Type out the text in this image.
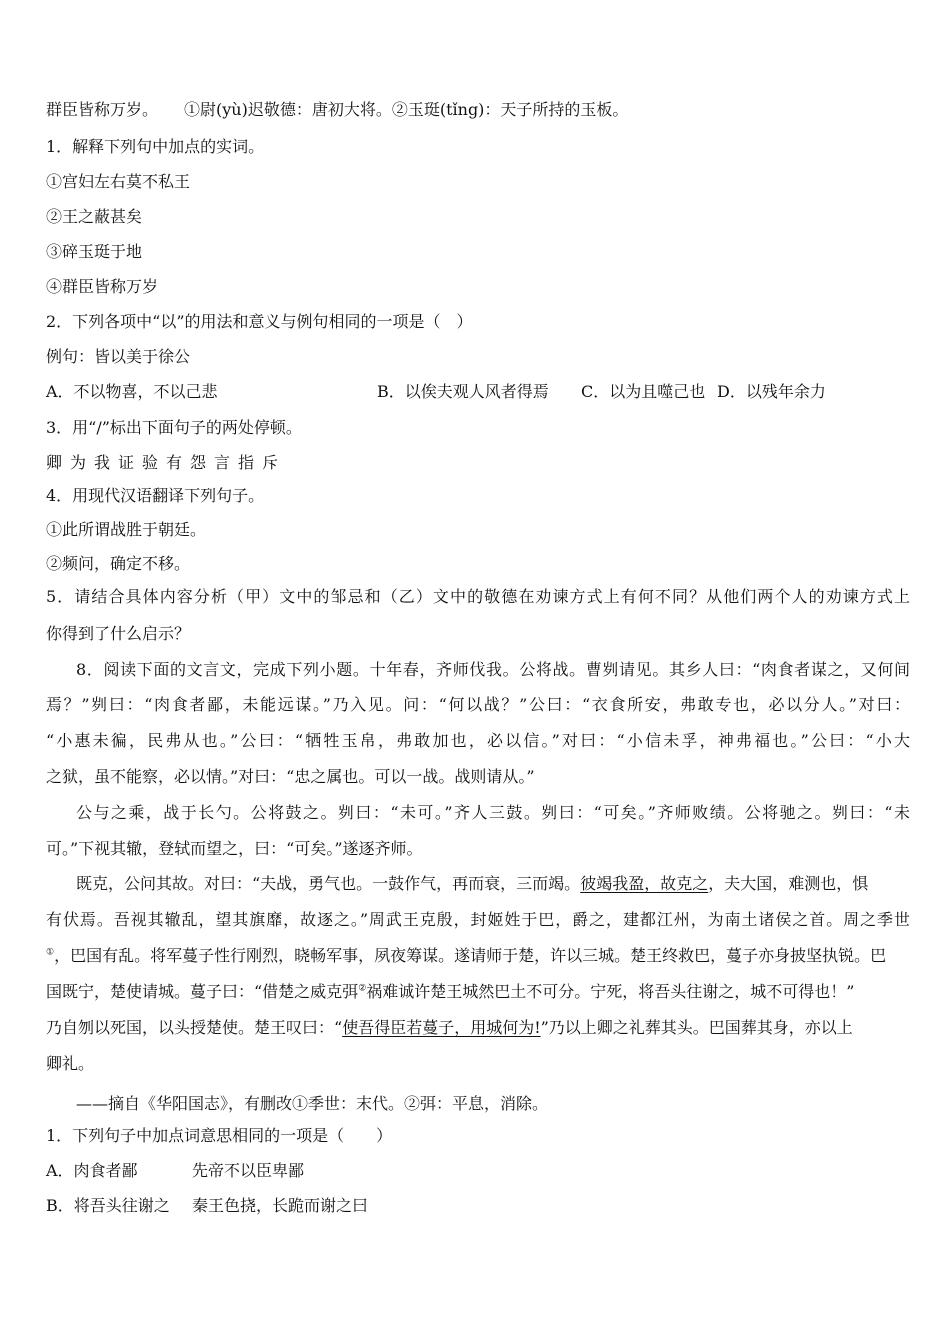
群臣皆称万岁。 ①尉(yù)迟敬德：唐初大将。②玉珽(tǐng)：天子所持的玉板。
1．解释下列句中加点的实词。
①宫妇左右莫不私王
②王之蔽甚矣
③碎玉珽于地
④群臣皆称万岁
2．下列各项中“以”的用法和意义与例句相同的一项是（　）
例句：皆以美于徐公
A．不以物喜，不以己悲	B．以俟夫观人风者得焉 C．以为且噬己也 D．以残年余力
3．用“/”标出下面句子的两处停顿。
卿为我证验有怨言指斥
4．用现代汉语翻译下列句子。
①此所谓战胜于朝廷。
②频问，确定不移。
5．请结合具体内容分析（甲）文中的邹忌和（乙）文中的敬德在劝谏方式上有何不同？从他们两个人的劝谏方式上
你得到了什么启示？
8．阅读下面的文言文，完成下列小题。十年春，齐师伐我。公将战。曹刿请见。其乡人曰：“肉食者谋之，又何间
焉？”刿曰：“肉食者鄙，未能远谋。”乃入见。问：“何以战？”公曰：“衣食所安，弗敢专也，必以分人。”对曰：
“小惠未徧，民弗从也。”公曰：“牺牲玉帛，弗敢加也，必以信。”对曰：“小信未孚，神弗福也。”公曰：“小大
之狱，虽不能察，必以情。”对曰：“忠之属也。可以一战。战则请从。”
公与之乘，战于长勺。公将鼓之。刿曰：“未可。”齐人三鼓。刿曰：“可矣。”齐师败绩。公将驰之。刿曰：“未
可。”下视其辙，登轼而望之，曰：“可矣。”遂逐齐师。
既克，公问其故。对曰：“夫战，勇气也。一鼓作气，再而衰，三而竭。彼竭我盈，故克之，夫大国，难测也，惧
有伏焉。吾视其辙乱，望其旗靡，故逐之。”周武王克殷，封姬姓于巴，爵之，建都江州，为南土诸侯之首。周之季世
①，巴国有乱。将军蔓子性行刚烈，晓畅军事，夙夜筹谋。遂请师于楚，许以三城。楚王终救巴，蔓子亦身披坚执锐。巴
国既宁，楚使请城。蔓子曰：“借楚之威克弭②祸难诚许楚王城然巴土不可分。宁死，将吾头往谢之，城不可得也！”
乃自刎以死国，以头授楚使。楚王叹曰：“使吾得臣若蔓子，用城何为!”乃以上卿之礼葬其头。巴国葬其身，亦以上
卿礼。
——摘自《华阳国志》，有删改①季世：末代。②弭：平息，消除。
1．下列句子中加点词意思相同的一项是（　　）
A．肉食者鄙	先帝不以臣卑鄙
B．将吾头往谢之 秦王色挠，长跪而谢之曰
